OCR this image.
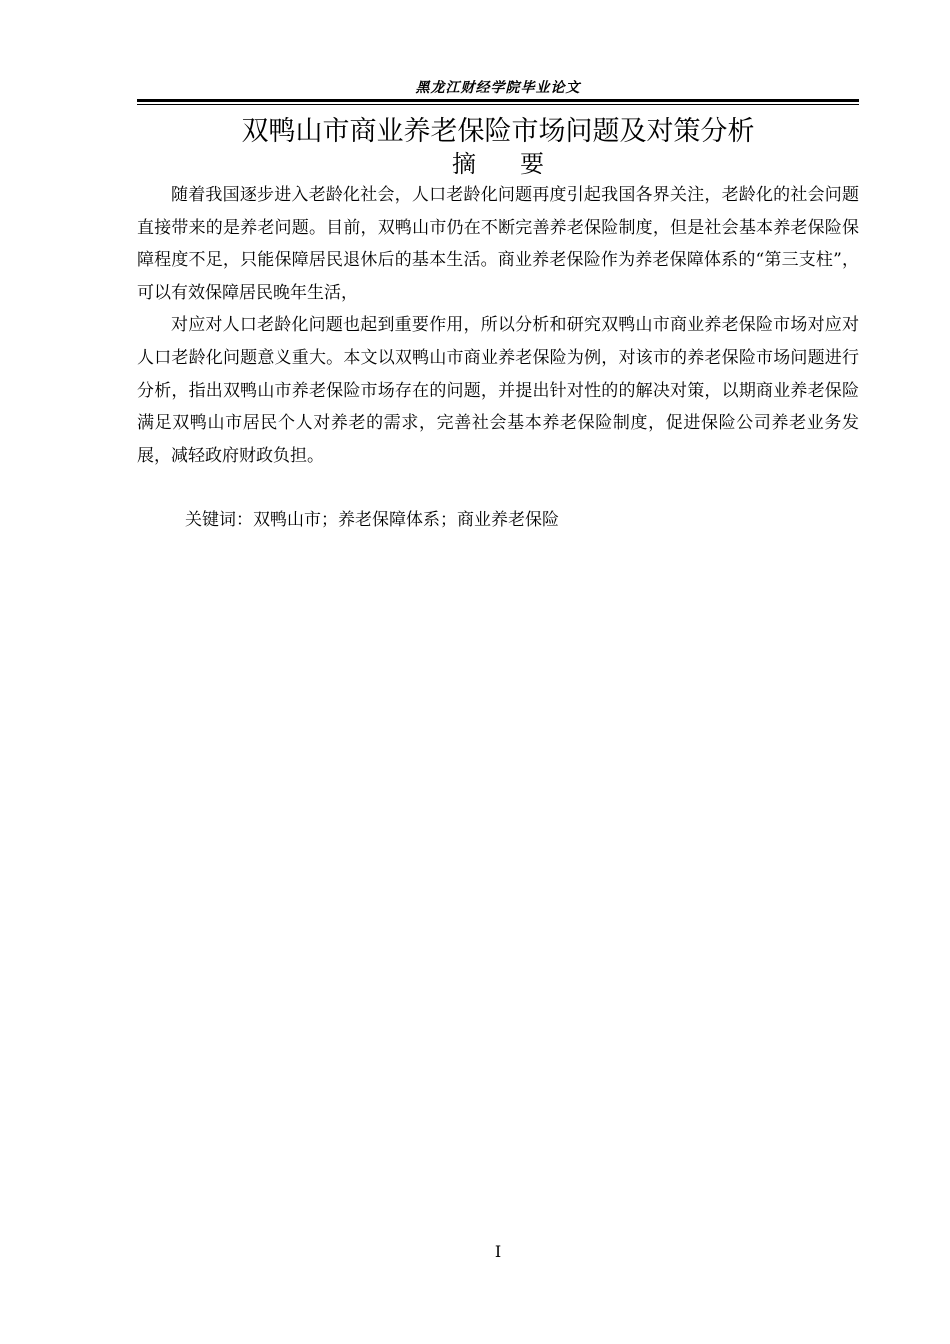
黑龙江财经学院毕业论文
双鸭山市商业养老保险市场问题及对策分析
摘要

随着我国逐步进入老龄化社会，人口老龄化问题再度引起我国各界关注，老龄化的社会问题直接带来的是养老问题。目前，双鸭山市仍在不断完善养老保险制度，但是社会基本养老保险保障程度不足，只能保障居民退休后的基本生活。商业养老保险作为养老保障体系的“第三支柱”，可以有效保障居民晚年生活，

对应对人口老龄化问题也起到重要作用，所以分析和研究双鸭山市商业养老保险市场对应对人口老龄化问题意义重大。本文以双鸭山市商业养老保险为例，对该市的养老保险市场问题进行分析，指出双鸭山市养老保险市场存在的问题，并提出针对性的的解决对策，以期商业养老保险满足双鸭山市居民个人对养老的需求，完善社会基本养老保险制度，促进保险公司养老业务发展，减轻政府财政负担。

关键词：双鸭山市；养老保障体系；商业养老保险
I
